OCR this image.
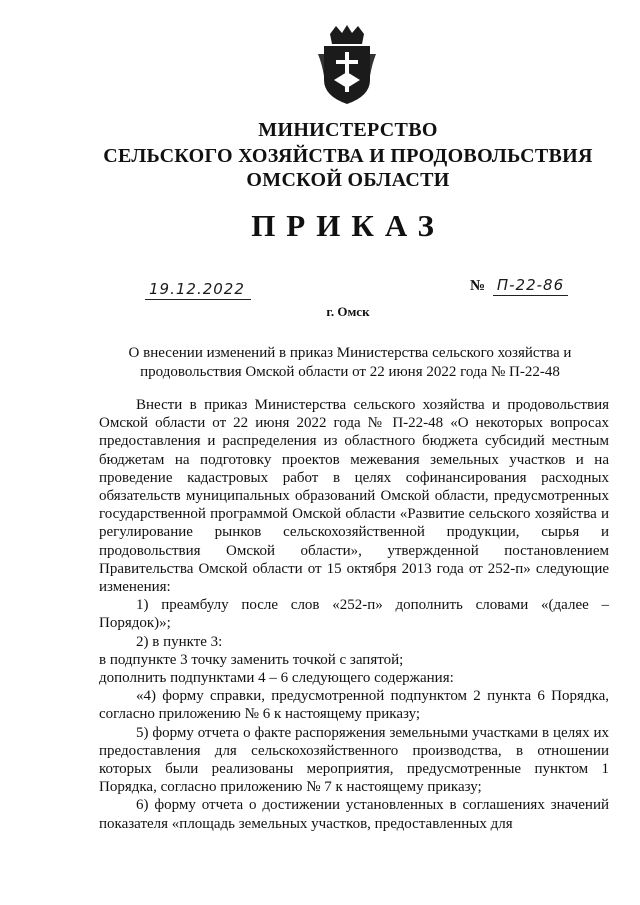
МИНИСТЕРСТВО
СЕЛЬСКОГО ХОЗЯЙСТВА И ПРОДОВОЛЬСТВИЯ
ОМСКОЙ ОБЛАСТИ
ПРИКАЗ
19.12.2022	№ П-22-86
г. Омск
О внесении изменений в приказ Министерства сельского хозяйства и продовольствия Омской области от 22 июня 2022 года № П-22-48

Внести в приказ Министерства сельского хозяйства и продовольствия Омской области от 22 июня 2022 года № П-22-48 «О некоторых вопросах предоставления и распределения из областного бюджета субсидий местным бюджетам на подготовку проектов межевания земельных участков и на проведение кадастровых работ в целях софинансирования расходных обязательств муниципальных образований Омской области, предусмотренных государственной программой Омской области «Развитие сельского хозяйства и регулирование рынков сельскохозяйственной продукции, сырья и продовольствия Омской области», утвержденной постановлением Правительства Омской области от 15 октября 2013 года от 252-п» следующие изменения:

1) преамбулу после слов «252-п» дополнить словами «(далее – Порядок)»;

2) в пункте 3:

в подпункте 3 точку заменить точкой с запятой;

дополнить подпунктами 4 – 6 следующего содержания:

«4) форму справки, предусмотренной подпунктом 2 пункта 6 Порядка, согласно приложению № 6 к настоящему приказу;

5) форму отчета о факте распоряжения земельными участками в целях их предоставления для сельскохозяйственного производства, в отношении которых были реализованы мероприятия, предусмотренные пунктом 1 Порядка, согласно приложению № 7 к настоящему приказу;

6) форму отчета о достижении установленных в соглашениях значений показателя «площадь земельных участков, предоставленных для
